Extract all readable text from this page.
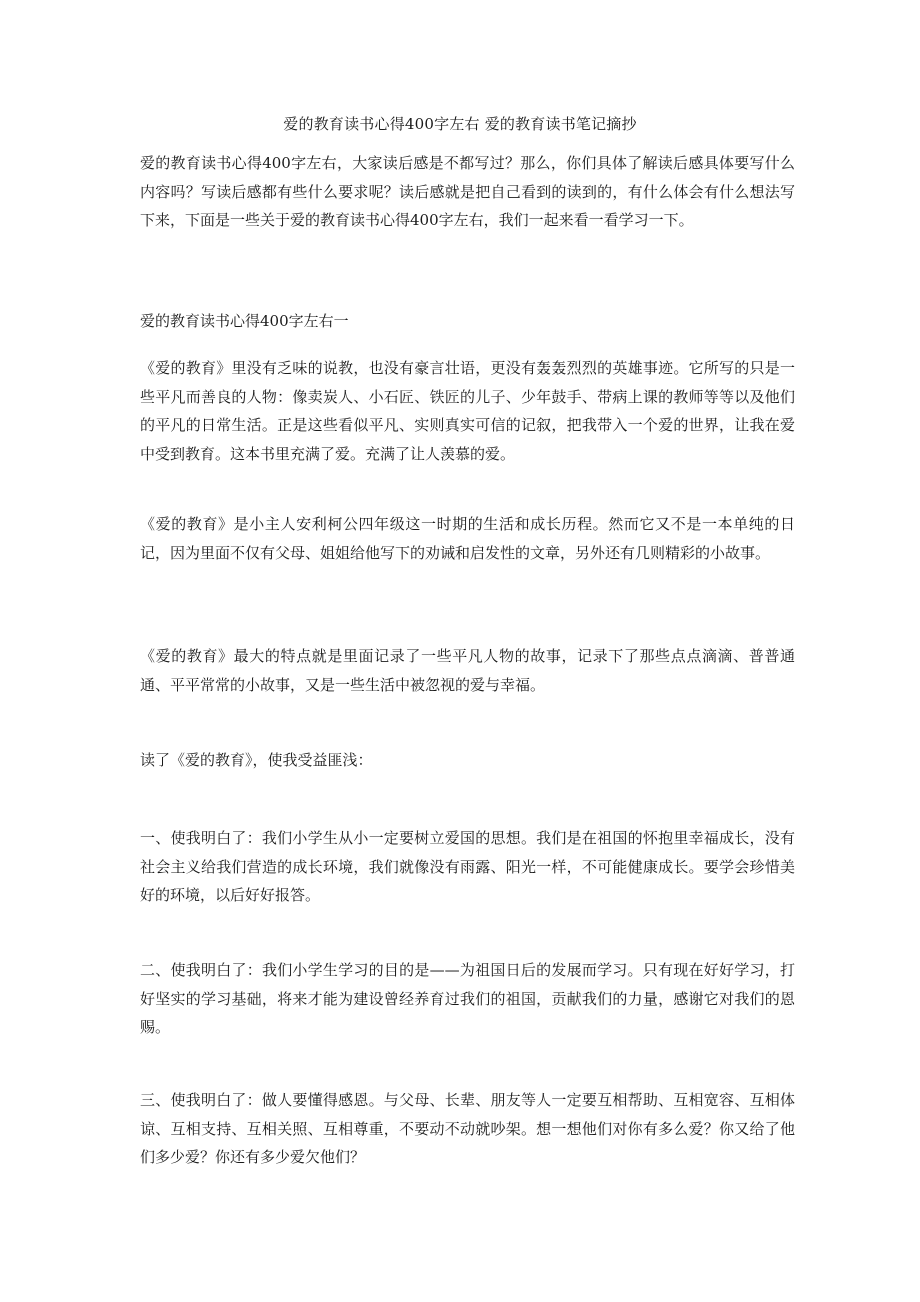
爱的教育读书心得400字左右 爱的教育读书笔记摘抄

爱的教育读书心得400字左右，大家读后感是不都写过？那么，你们具体了解读后感具体要写什么内容吗？写读后感都有些什么要求呢？读后感就是把自己看到的读到的，有什么体会有什么想法写下来，下面是一些关于爱的教育读书心得400字左右，我们一起来看一看学习一下。

爱的教育读书心得400字左右一

《爱的教育》里没有乏味的说教，也没有豪言壮语，更没有轰轰烈烈的英雄事迹。它所写的只是一些平凡而善良的人物：像卖炭人、小石匠、铁匠的儿子、少年鼓手、带病上课的教师等等以及他们的平凡的日常生活。正是这些看似平凡、实则真实可信的记叙，把我带入一个爱的世界，让我在爱中受到教育。这本书里充满了爱。充满了让人羡慕的爱。

《爱的教育》是小主人安利柯公四年级这一时期的生活和成长历程。然而它又不是一本单纯的日记，因为里面不仅有父母、姐姐给他写下的劝诫和启发性的文章，另外还有几则精彩的小故事。

《爱的教育》最大的特点就是里面记录了一些平凡人物的故事，记录下了那些点点滴滴、普普通通、平平常常的小故事，又是一些生活中被忽视的爱与幸福。

读了《爱的教育》，使我受益匪浅：

一、使我明白了：我们小学生从小一定要树立爱国的思想。我们是在祖国的怀抱里幸福成长，没有社会主义给我们营造的成长环境，我们就像没有雨露、阳光一样，不可能健康成长。要学会珍惜美好的环境，以后好好报答。

二、使我明白了：我们小学生学习的目的是——为祖国日后的发展而学习。只有现在好好学习，打好坚实的学习基础，将来才能为建设曾经养育过我们的祖国，贡献我们的力量，感谢它对我们的恩赐。

三、使我明白了：做人要懂得感恩。与父母、长辈、朋友等人一定要互相帮助、互相宽容、互相体谅、互相支持、互相关照、互相尊重，不要动不动就吵架。想一想他们对你有多么爱？你又给了他们多少爱？你还有多少爱欠他们？
